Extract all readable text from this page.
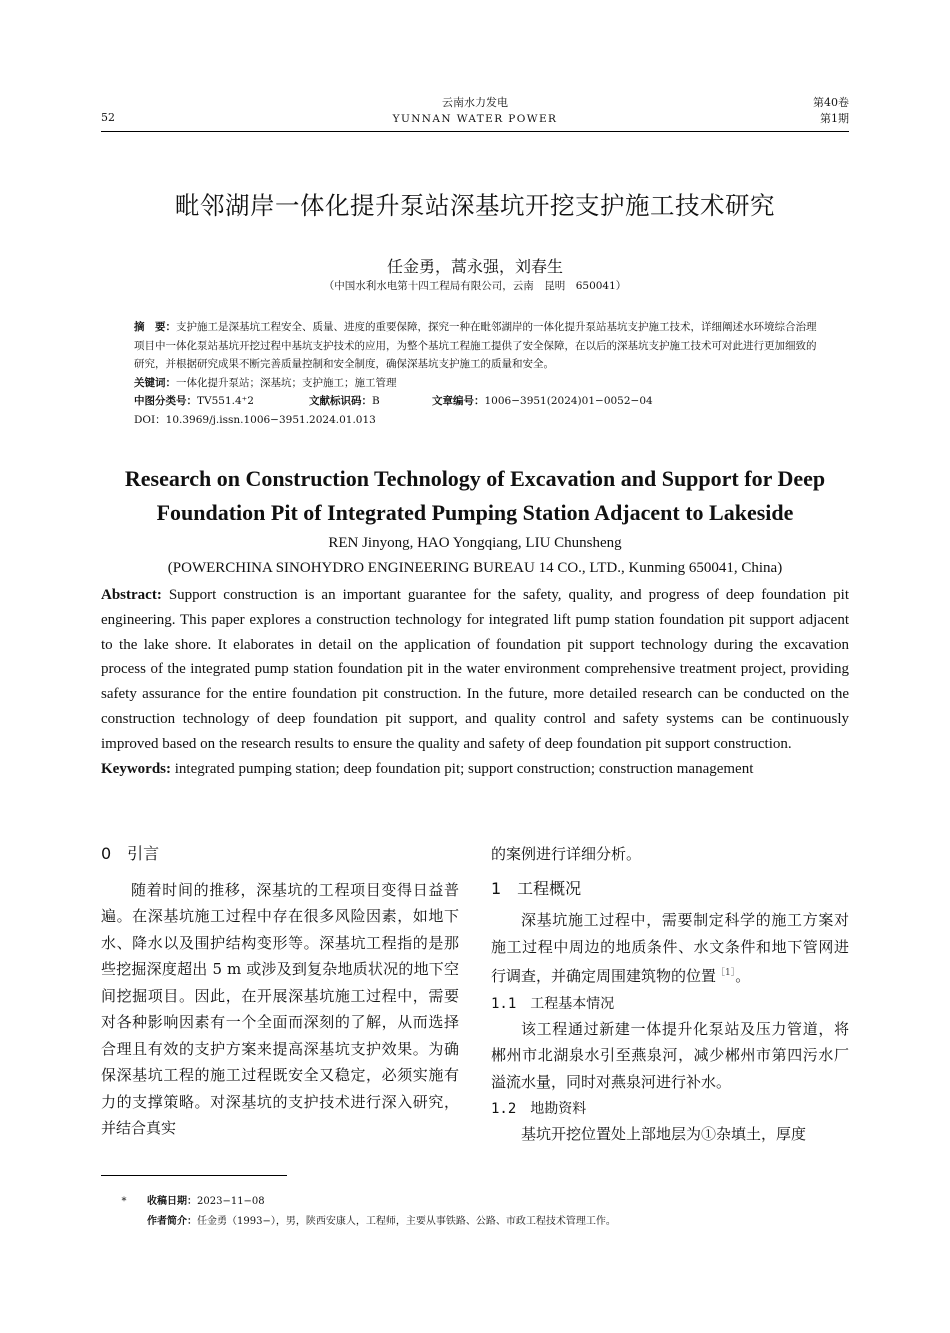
52
云南水力发电
YUNNAN WATER POWER
第40卷
第1期
毗邻湖岸一体化提升泵站深基坑开挖支护施工技术研究
任金勇，蒿永强，刘春生
（中国水利水电第十四工程局有限公司，云南　昆明　650041）

摘　要：支护施工是深基坑工程安全、质量、进度的重要保障，探究一种在毗邻湖岸的一体化提升泵站基坑支护施工技术，详细阐述水环境综合治理项目中一体化泵站基坑开挖过程中基坑支护技术的应用，为整个基坑工程施工提供了安全保障，在以后的深基坑支护施工技术可对此进行更加细致的研究，并根据研究成果不断完善质量控制和安全制度，确保深基坑支护施工的质量和安全。

关键词：一体化提升泵站；深基坑；支护施工；施工管理

中图分类号：TV551.4⁺2	文献标识码：B	文章编号：1006−3951(2024)01−0052−04

DOI：10.3969/j.issn.1006−3951.2024.01.013

Research on Construction Technology of Excavation and Support for Deep
Foundation Pit of Integrated Pumping Station Adjacent to Lakeside
REN Jinyong, HAO Yongqiang, LIU Chunsheng
(POWERCHINA SINOHYDRO ENGINEERING BUREAU 14 CO., LTD., Kunming 650041, China)

Abstract: Support construction is an important guarantee for the safety, quality, and progress of deep foundation pit engineering. This paper explores a construction technology for integrated lift pump station foundation pit support adjacent to the lake shore. It elaborates in detail on the application of foundation pit support technology during the excavation process of the integrated pump station foundation pit in the water environment comprehensive treatment project, providing safety assurance for the entire foundation pit construction. In the future, more detailed research can be conducted on the construction technology of deep foundation pit support, and quality control and safety systems can be continuously improved based on the research results to ensure the quality and safety of deep foundation pit support construction.

Keywords: integrated pumping station; deep foundation pit; support construction; construction management

0　引言

随着时间的推移，深基坑的工程项目变得日益普遍。在深基坑施工过程中存在很多风险因素，如地下水、降水以及围护结构变形等。深基坑工程指的是那些挖掘深度超出 5 m 或涉及到复杂地质状况的地下空间挖掘项目。因此，在开展深基坑施工过程中，需要对各种影响因素有一个全面而深刻的了解，从而选择合理且有效的支护方案来提高深基坑支护效果。为确保深基坑工程的施工过程既安全又稳定，必须实施有力的支撑策略。对深基坑的支护技术进行深入研究，并结合真实

的案例进行详细分析。
1　工程概况

深基坑施工过程中，需要制定科学的施工方案对施工过程中周边的地质条件、水文条件和地下管网进行调查，并确定周围建筑物的位置$^{[1]}$。

1.1　工程基本情况

该工程通过新建一体提升化泵站及压力管道，将郴州市北湖泉水引至燕泉河，减少郴州市第四污水厂溢流水量，同时对燕泉河进行补水。

1.2　地勘资料

基坑开挖位置处上部地层为①杂填土，厚度

* 收稿日期：2023−11−08
作者简介：任金勇（1993−），男，陕西安康人，工程师，主要从事铁路、公路、市政工程技术管理工作。
